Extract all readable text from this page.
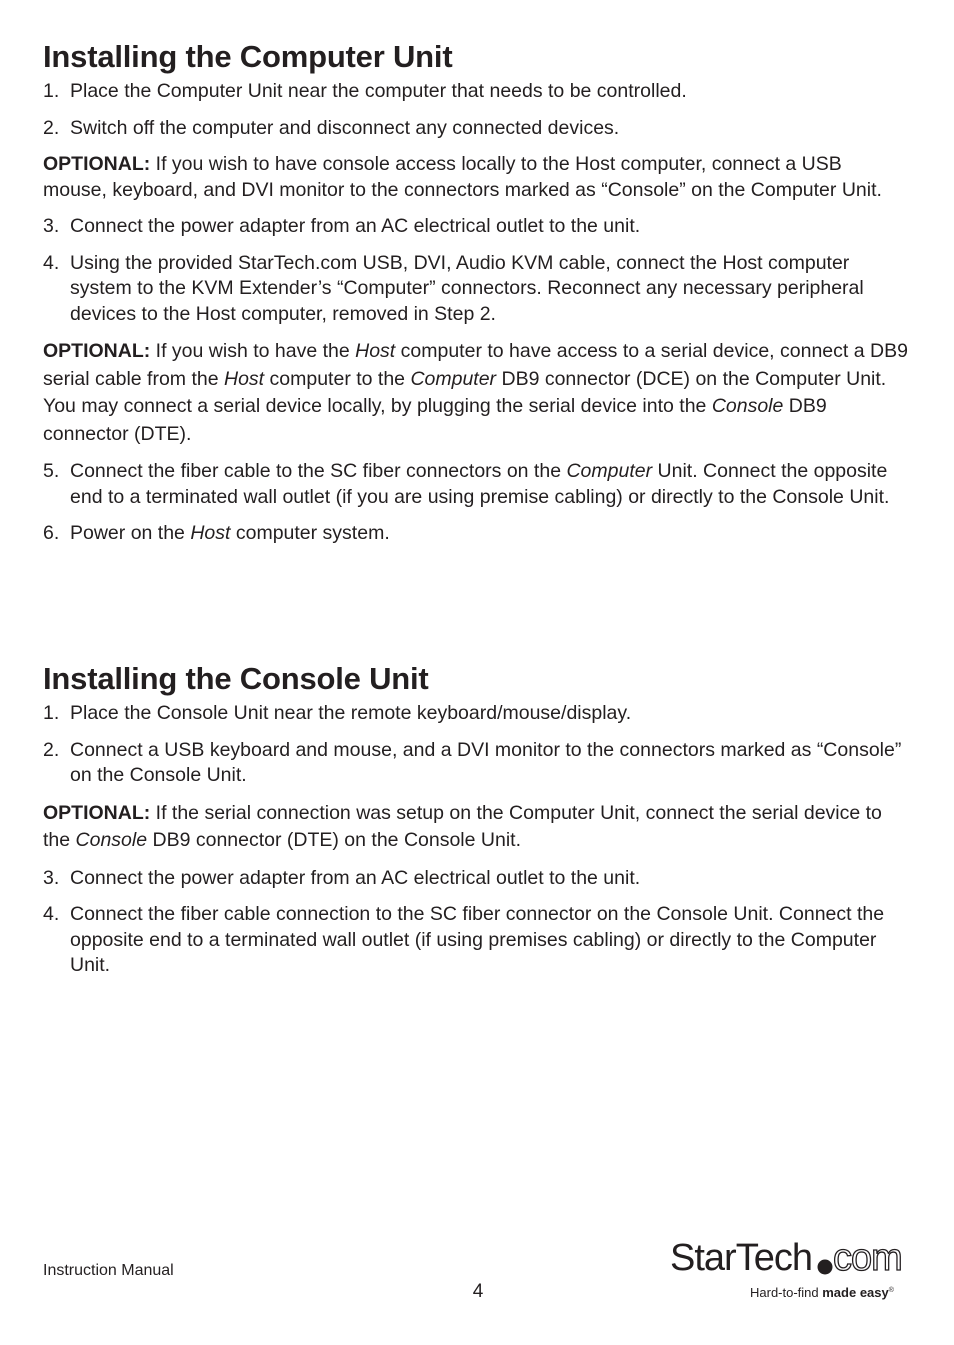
Installing the Computer Unit
1. Place the Computer Unit near the computer that needs to be controlled.
2. Switch off the computer and disconnect any connected devices.

OPTIONAL: If you wish to have console access locally to the Host computer, connect a USB mouse, keyboard, and DVI monitor to the connectors marked as “Console” on the Computer Unit.

3. Connect the power adapter from an AC electrical outlet to the unit.
4. Using the provided StarTech.com USB, DVI, Audio KVM cable, connect the Host computer system to the KVM Extender’s “Computer” connectors. Reconnect any necessary peripheral devices to the Host computer, removed in Step 2.

OPTIONAL: If you wish to have the Host computer to have access to a serial device, connect a DB9 serial cable from the Host computer to the Computer DB9 connector (DCE) on the Computer Unit. You may connect a serial device locally, by plugging the serial device into the Console DB9 connector (DTE).

5. Connect the fiber cable to the SC fiber connectors on the Computer Unit. Connect the opposite end to a terminated wall outlet (if you are using premise cabling) or directly to the Console Unit.
6. Power on the Host computer system.
Installing the Console Unit
1. Place the Console Unit near the remote keyboard/mouse/display.
2. Connect a USB keyboard and mouse, and a DVI monitor to the connectors marked as “Console” on the Console Unit.

OPTIONAL: If the serial connection was setup on the Computer Unit, connect the serial device to the Console DB9 connector (DTE) on the Console Unit.

3. Connect the power adapter from an AC electrical outlet to the unit.
4. Connect the fiber cable connection to the SC fiber connector on the Console Unit. Connect the opposite end to a terminated wall outlet (if using premises cabling) or directly to the Computer Unit.
Instruction Manual
4
StarTech com
Hard-to-find made easy®
